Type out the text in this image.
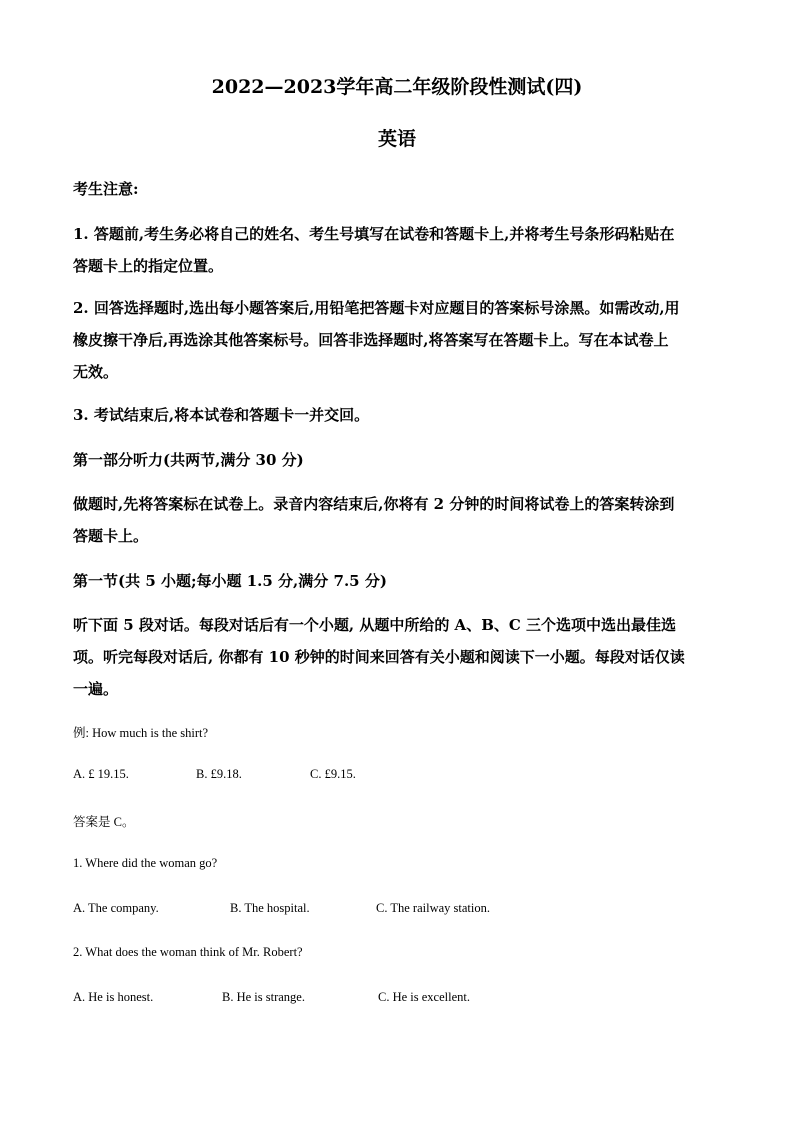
2022—2023学年高二年级阶段性测试(四)
英语
考生注意:
1. 答题前,考生务必将自己的姓名、考生号填写在试卷和答题卡上,并将考生号条形码粘贴在
答题卡上的指定位置。
2. 回答选择题时,选出每小题答案后,用铅笔把答题卡对应题目的答案标号涂黑。如需改动,用
橡皮擦干净后,再选涂其他答案标号。回答非选择题时,将答案写在答题卡上。写在本试卷上
无效。
3. 考试结束后,将本试卷和答题卡一并交回。
第一部分听力(共两节,满分 30 分)
做题时,先将答案标在试卷上。录音内容结束后,你将有 2 分钟的时间将试卷上的答案转涂到
答题卡上。
第一节(共 5 小题;每小题 1.5 分,满分 7.5 分)
听下面 5 段对话。每段对话后有一个小题, 从题中所给的 A、B、C 三个选项中选出最佳选
项。听完每段对话后, 你都有 10 秒钟的时间来回答有关小题和阅读下一小题。每段对话仅读
一遍。
例: How much is the shirt?
A. £ 19.15.	B. £9.18.	C. £9.15.
答案是 C。
1. Where did the woman go?
A. The company.	B. The hospital.	C. The railway station.
2. What does the woman think of Mr. Robert?
A. He is honest.	B. He is strange.	C. He is excellent.
